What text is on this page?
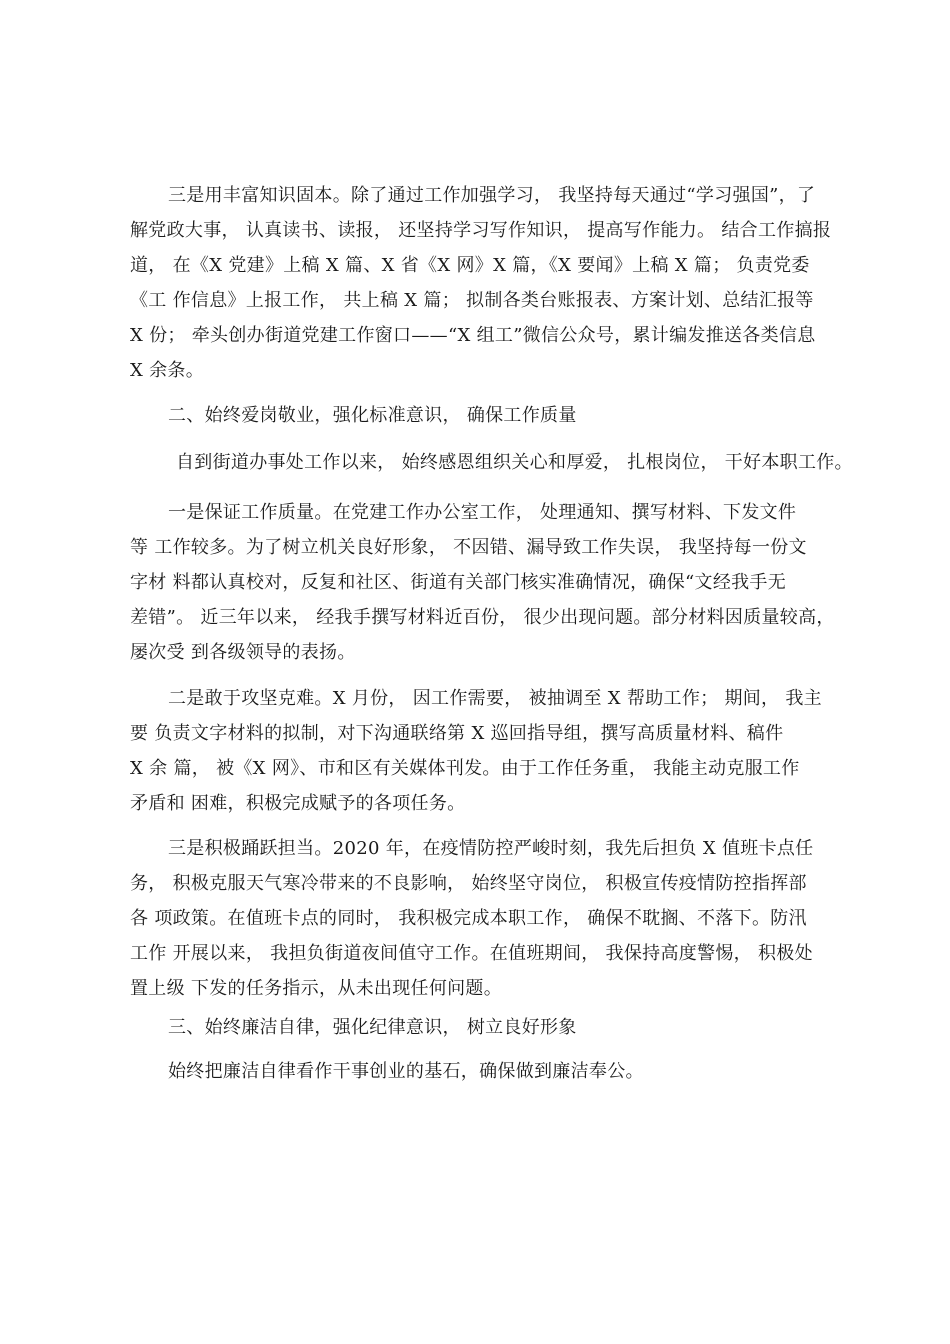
三是用丰富知识固本。除了通过工作加强学习， 我坚持每天通过“学习强国”，了
解党政大事， 认真读书、读报， 还坚持学习写作知识， 提高写作能力。 结合工作搞报
道， 在《X 党建》上稿 X 篇、X 省《X 网》X 篇，《X 要闻》上稿 X 篇； 负责党委
《工 作信息》上报工作， 共上稿 X 篇； 拟制各类台账报表、方案计划、总结汇报等
X 份； 牵头创办街道党建工作窗口——“X 组工”微信公众号，累计编发推送各类信息
X 余条。
二、始终爱岗敬业，强化标准意识， 确保工作质量
自到街道办事处工作以来， 始终感恩组织关心和厚爱， 扎根岗位， 干好本职工作。
一是保证工作质量。在党建工作办公室工作， 处理通知、撰写材料、下发文件
等 工作较多。为了树立机关良好形象， 不因错、漏导致工作失误， 我坚持每一份文
字材 料都认真校对，反复和社区、街道有关部门核实准确情况，确保“文经我手无
差错”。 近三年以来， 经我手撰写材料近百份， 很少出现问题。部分材料因质量较高，
屡次受 到各级领导的表扬。
二是敢于攻坚克难。X 月份， 因工作需要， 被抽调至 X 帮助工作； 期间， 我主
要 负责文字材料的拟制，对下沟通联络第 X 巡回指导组，撰写高质量材料、稿件
X 余 篇， 被《X 网》、市和区有关媒体刊发。由于工作任务重， 我能主动克服工作
矛盾和 困难，积极完成赋予的各项任务。
三是积极踊跃担当。2020 年，在疫情防控严峻时刻，我先后担负 X 值班卡点任
务， 积极克服天气寒冷带来的不良影响， 始终坚守岗位， 积极宣传疫情防控指挥部
各 项政策。在值班卡点的同时， 我积极完成本职工作， 确保不耽搁、不落下。防汛
工作 开展以来， 我担负街道夜间值守工作。在值班期间， 我保持高度警惕， 积极处
置上级 下发的任务指示，从未出现任何问题。
三、始终廉洁自律，强化纪律意识， 树立良好形象
始终把廉洁自律看作干事创业的基石，确保做到廉洁奉公。
